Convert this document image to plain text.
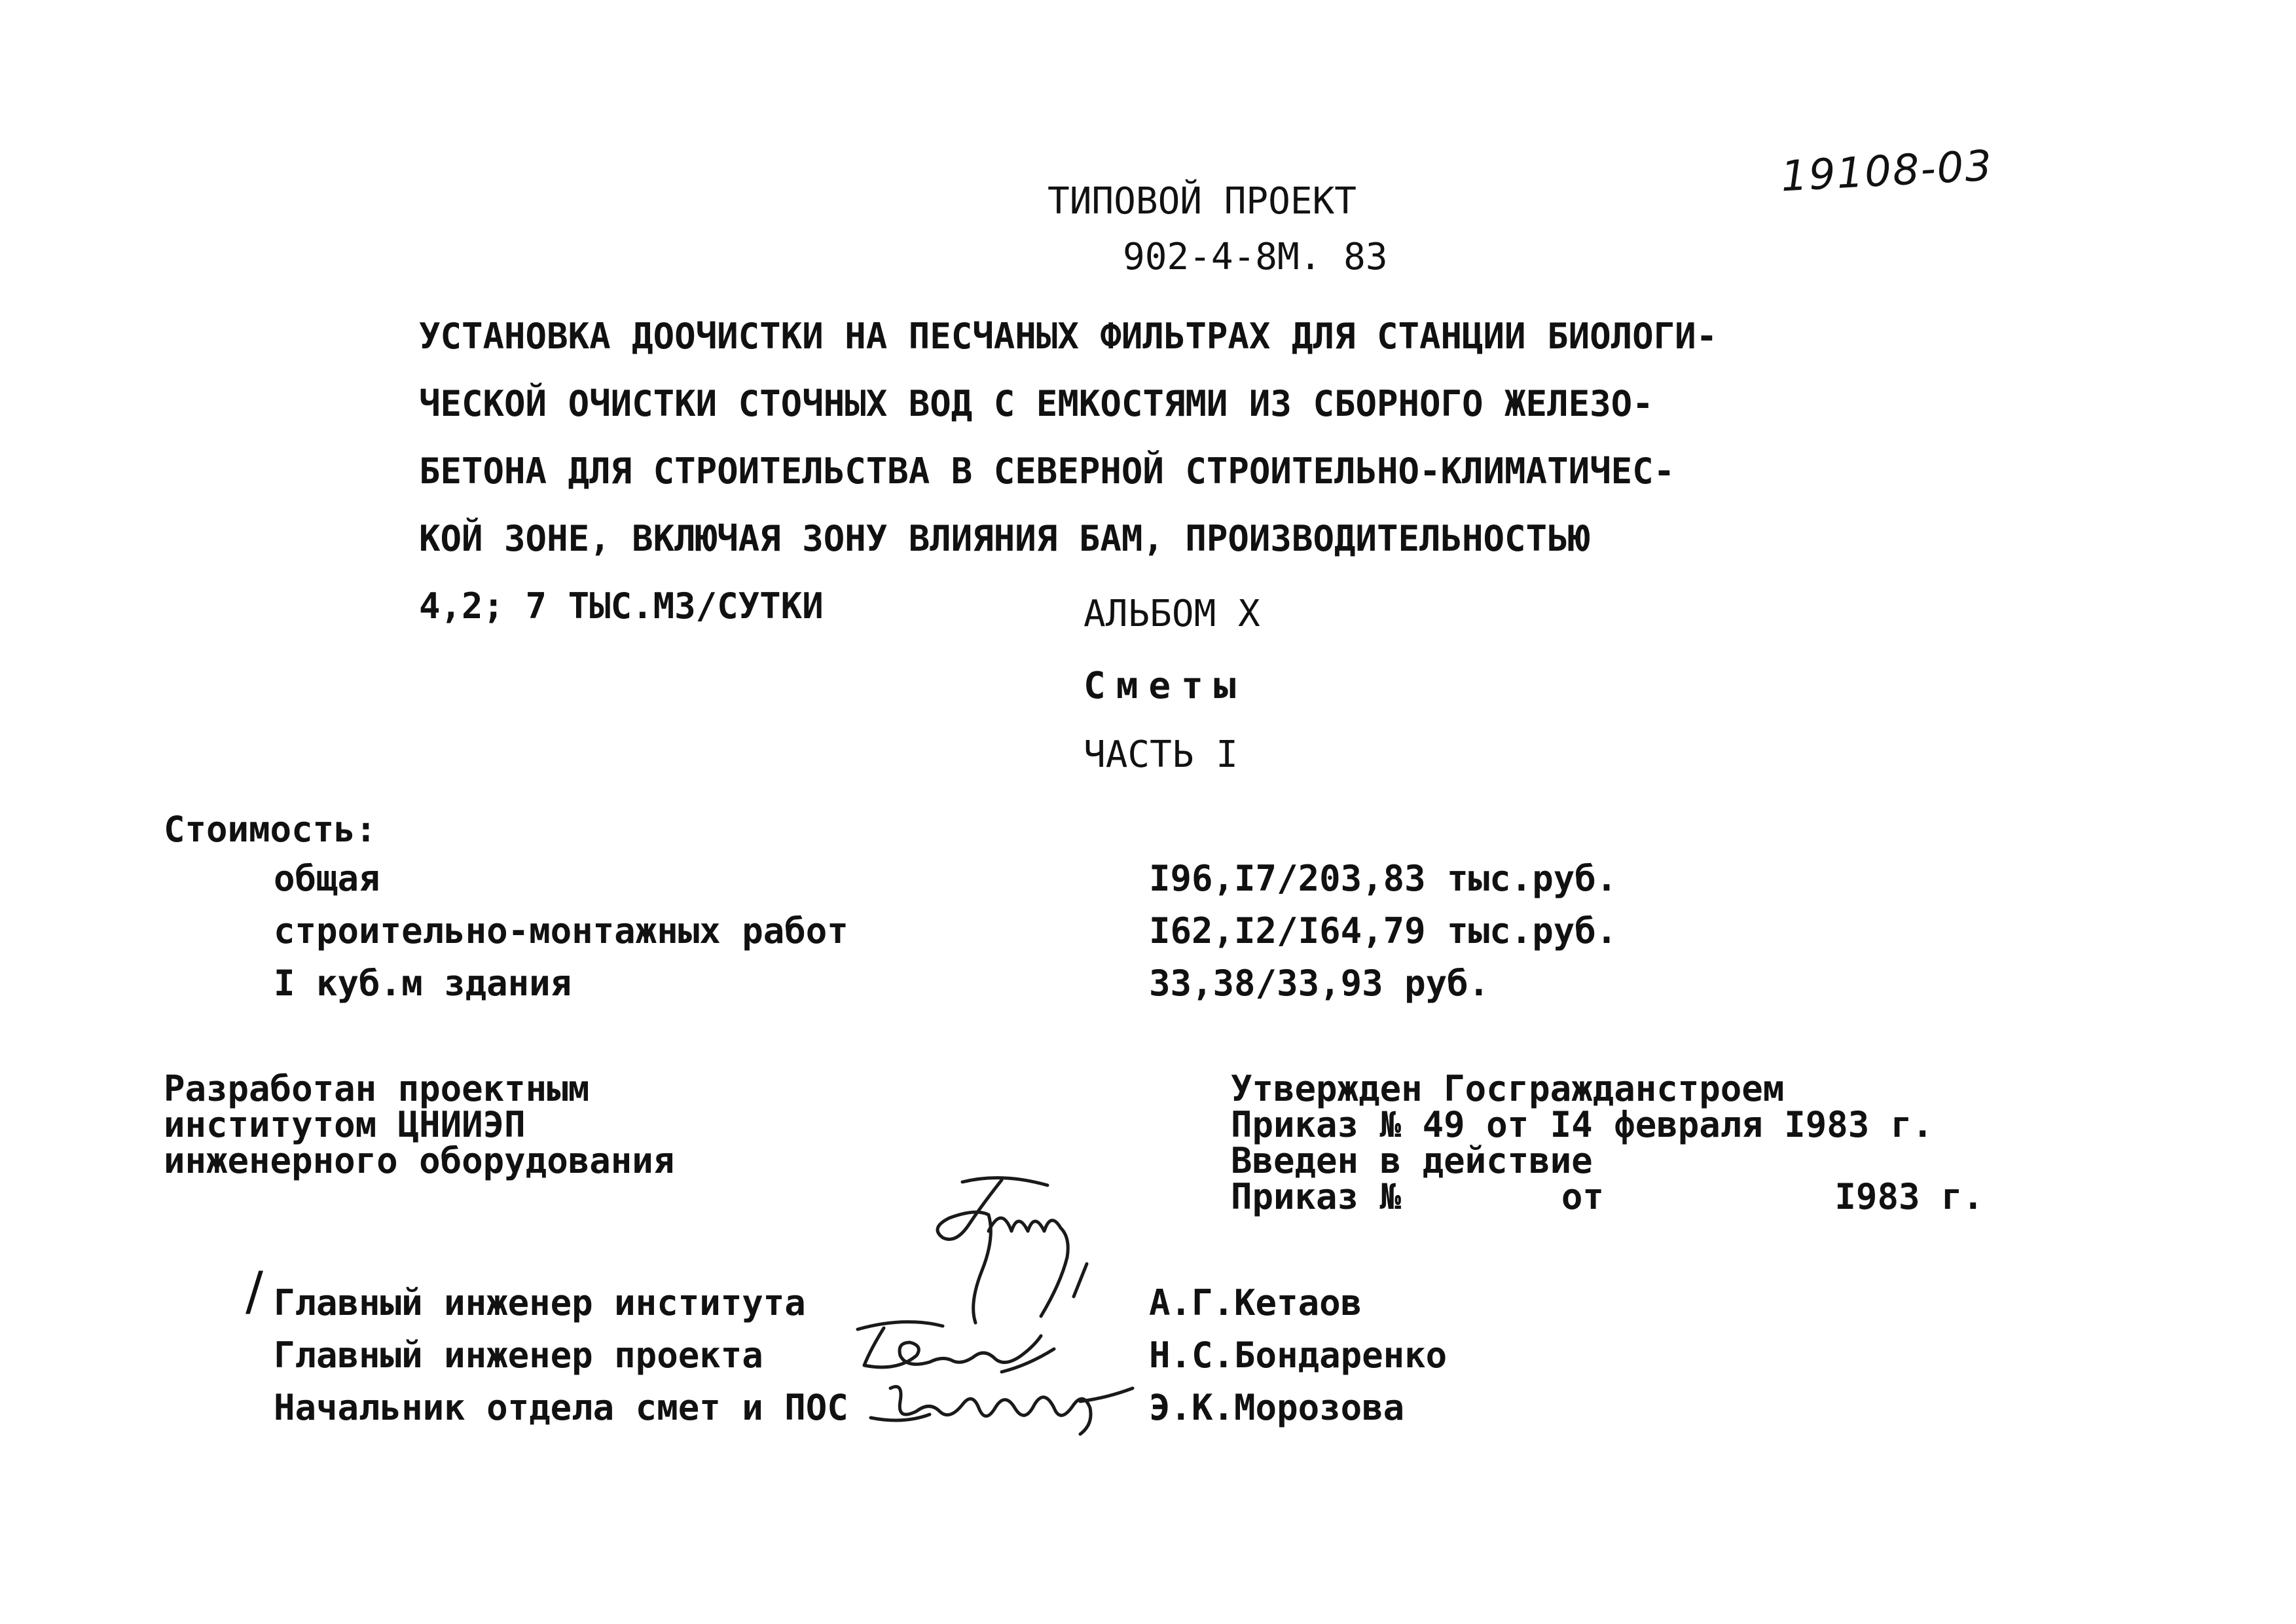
19108-03
ТИПОВОЙ ПРОЕКТ
902-4-8М. 83
УСТАНОВКА ДООЧИСТКИ НА ПЕСЧАНЫХ ФИЛЬТРАХ ДЛЯ СТАНЦИИ БИОЛОГИ-
ЧЕСКОЙ ОЧИСТКИ СТОЧНЫХ ВОД С ЕМКОСТЯМИ ИЗ СБОРНОГО ЖЕЛЕЗО-
БЕТОНА ДЛЯ СТРОИТЕЛЬСТВА В СЕВЕРНОЙ СТРОИТЕЛЬНО-КЛИМАТИЧЕС-
КОЙ ЗОНЕ, ВКЛЮЧАЯ ЗОНУ ВЛИЯНИЯ БАМ, ПРОИЗВОДИТЕЛЬНОСТЬЮ
4,2; 7 ТЫС.М3/СУТКИ	АЛЬБОМ X
Сметы
ЧАСТЬ I
Стоимость:
общая	I96,I7/203,83 тыс.руб.
строительно-монтажных работ	I62,I2/I64,79 тыс.руб.
I куб.м здания	33,38/33,93 руб.
Разработан проектным
институтом ЦНИИЭП
инженерного оборудования
Утвержден Госгражданстроем
Приказ № 49 от I4 февраля I983 г.
Введен в действие
Приказ №	от	I983 г.
/ Главный инженер института	А.Г.Кетаов
Главный инженер проекта	Н.С.Бондаренко
Начальник отдела смет и ПОС	Э.К.Морозова
